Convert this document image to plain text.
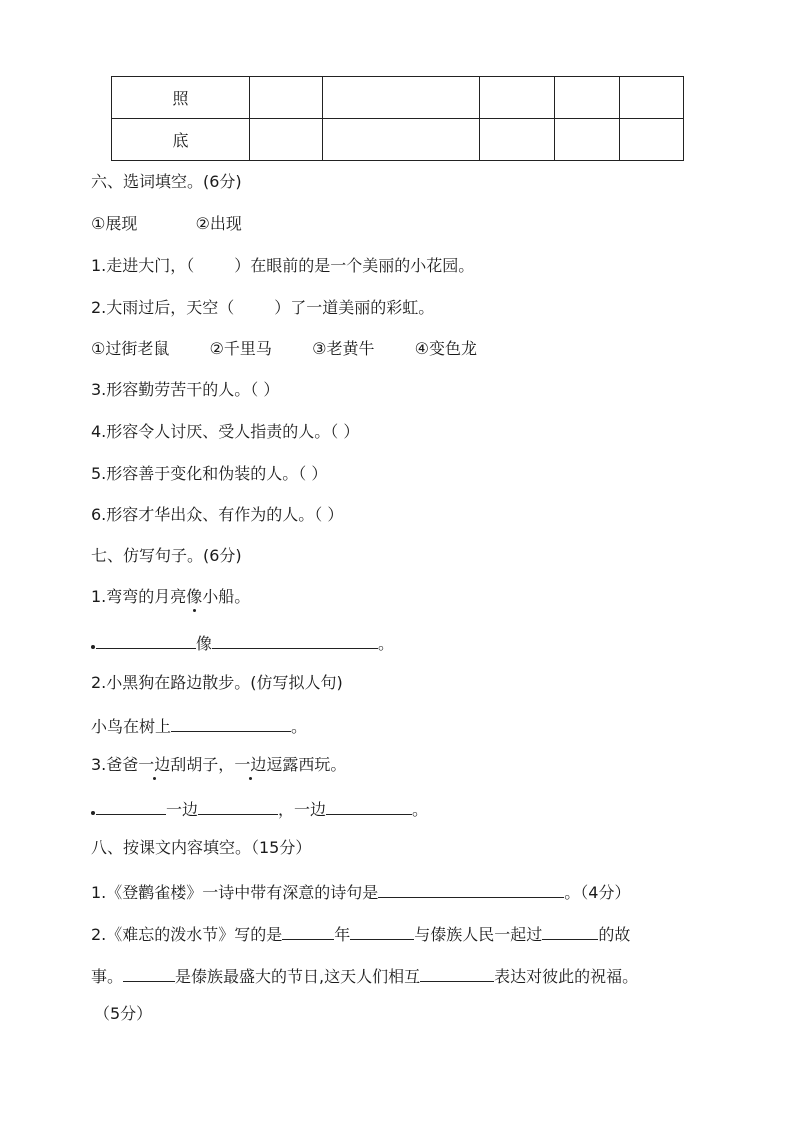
照					
底					
六、选词填空。(6分)
①展现	②出现
1.走进大门，（	）在眼前的是一个美丽的小花园。
2.大雨过后，天空（	）了一道美丽的彩虹。
①过街老鼠	②千里马	③老黄牛	④变色龙
3.形容勤劳苦干的人。（ ）
4.形容令人讨厌、受人指责的人。（ ）
5.形容善于变化和伪装的人。（ ）
6.形容才华出众、有作为的人。（ ）
七、仿写句子。(6分)
1.弯弯的月亮像小船。
像	。
2.小黑狗在路边散步。(仿写拟人句)
小鸟在树上	。
3.爸爸一边刮胡子，一边逗露西玩。
一边	，一边	。
八、按课文内容填空。（15分）
1.《登鹳雀楼》一诗中带有深意的诗句是	。（4分）
2.《难忘的泼水节》写的是	年	与傣族人民一起过	的故
事。	是傣族最盛大的节日,这天人们相互	表达对彼此的祝福。
（5分）
